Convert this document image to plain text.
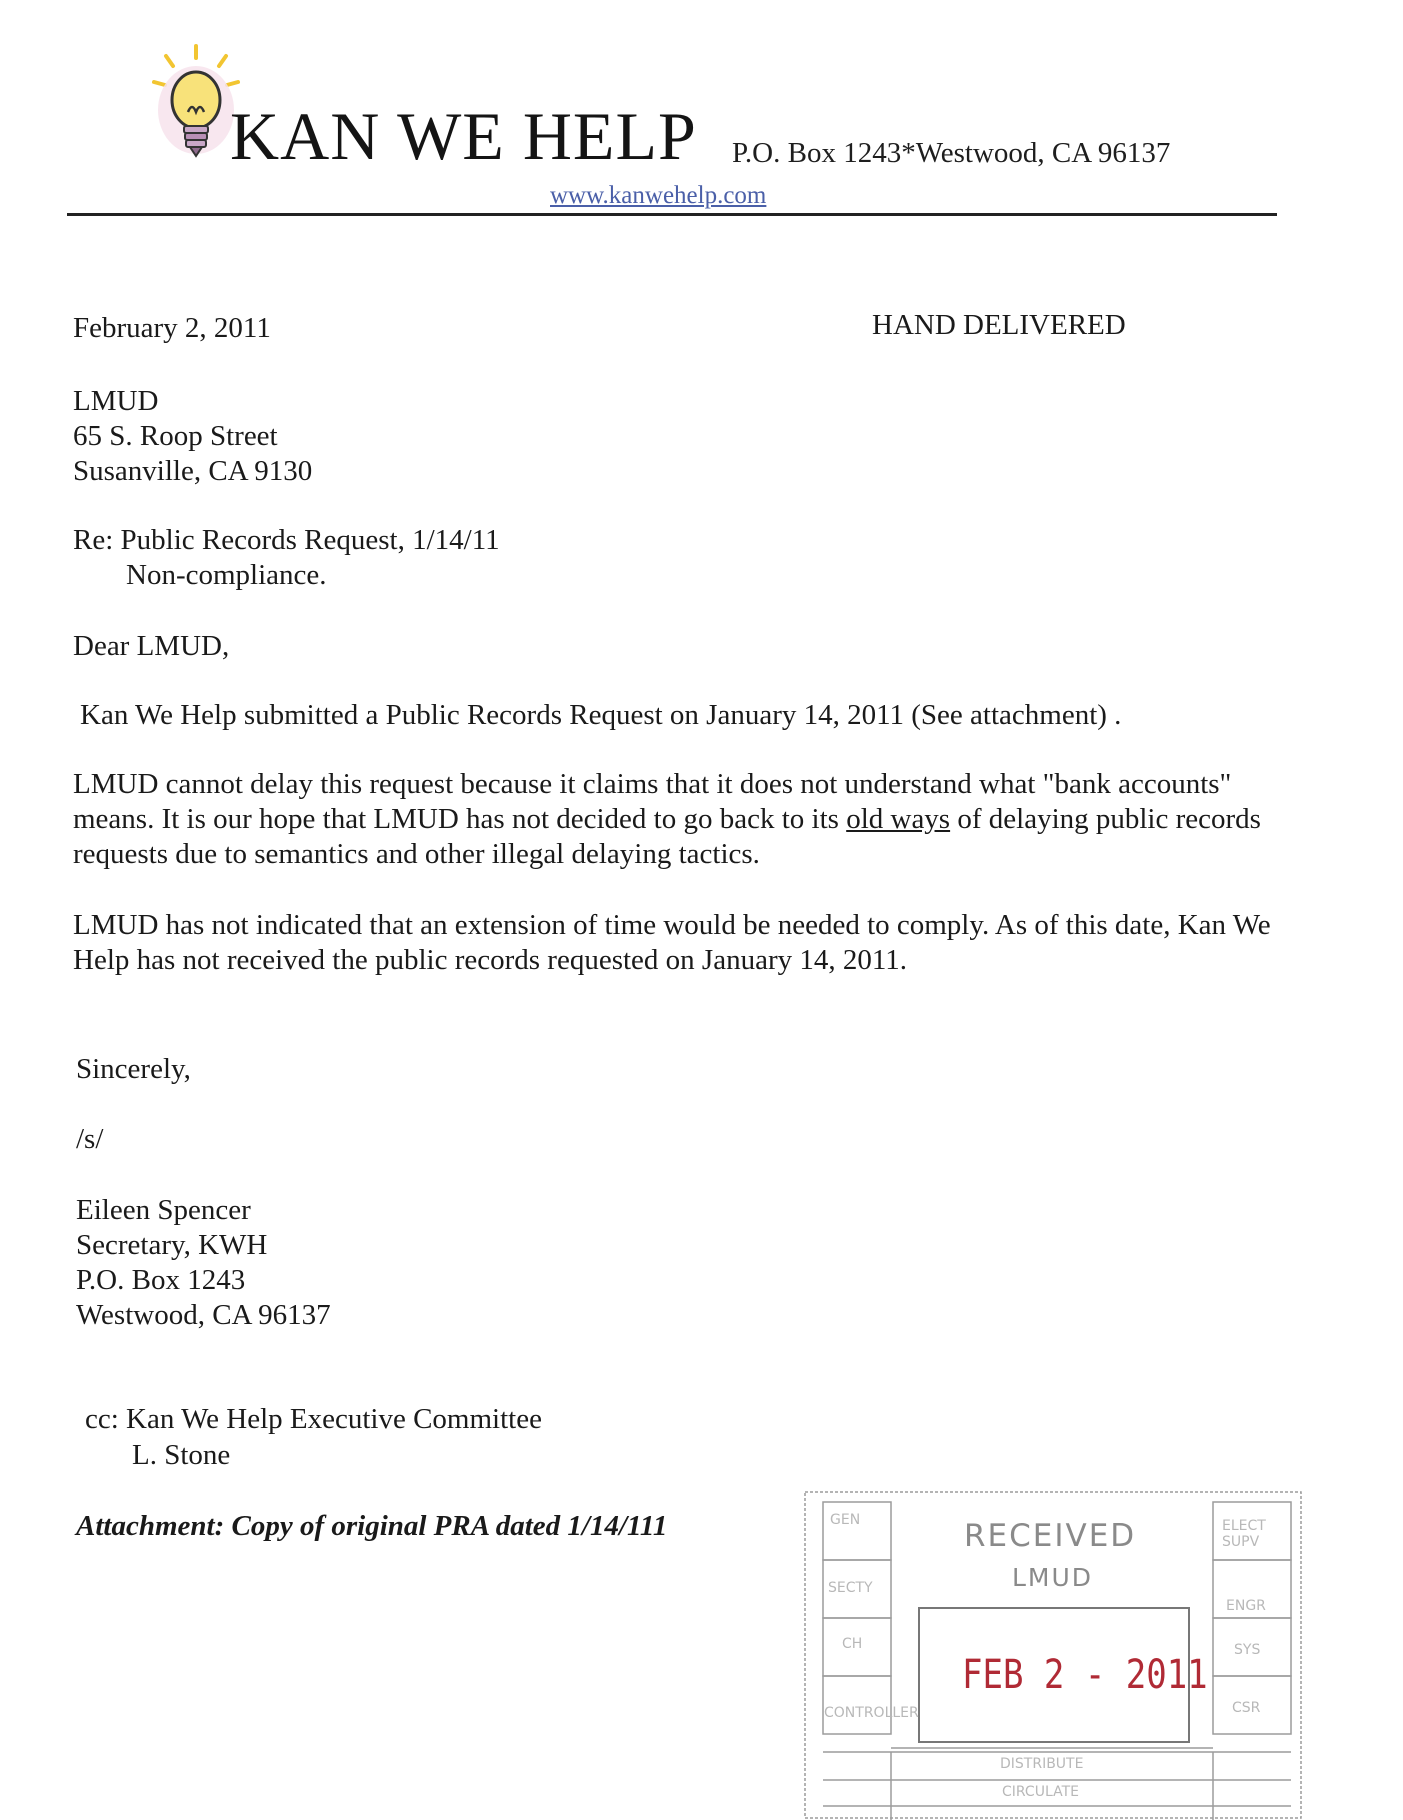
KAN WE HELP P.O. Box 1243*Westwood, CA 96137
www.kanwehelp.com
February 2, 2011	HAND DELIVERED
LMUD
65 S. Roop Street
Susanville, CA 9130
Re: Public Records Request, 1/14/11
Non-compliance.
Dear LMUD,
Kan We Help submitted a Public Records Request on January 14, 2011 (See attachment) .
LMUD cannot delay this request because it claims that it does not understand what "bank accounts" means. It is our hope that LMUD has not decided to go back to its old ways of delaying public records requests due to semantics and other illegal delaying tactics.
LMUD has not indicated that an extension of time would be needed to comply. As of this date, Kan We Help has not received the public records requested on January 14, 2011.
Sincerely,
/s/
Eileen Spencer
Secretary, KWH
P.O. Box 1243
Westwood, CA 96137
cc: Kan We Help Executive Committee
L. Stone
Attachment: Copy of original PRA dated 1/14/111	RECEIVED
LMUD
FEB 2 - 2011
GEN
SECTY
CH
CONTROLLER
ELECT SUPV
ENGR
SYS
CSR
DISTRIBUTE
CIRCULATE
